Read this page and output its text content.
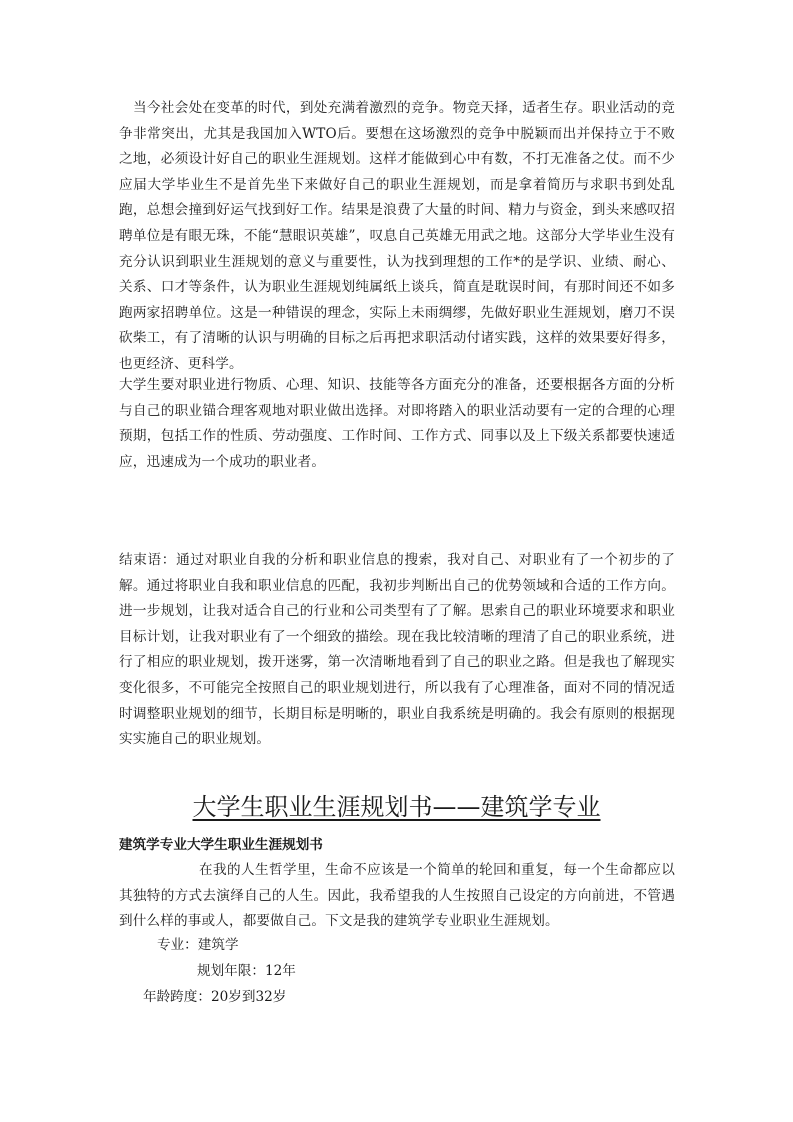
当今社会处在变革的时代，到处充满着激烈的竞争。物竞天择，适者生存。职业活动的竞争非常突出，尤其是我国加入WTO后。要想在这场激烈的竞争中脱颖而出并保持立于不败之地，必须设计好自己的职业生涯规划。这样才能做到心中有数，不打无准备之仗。而不少应届大学毕业生不是首先坐下来做好自己的职业生涯规划，而是拿着简历与求职书到处乱跑，总想会撞到好运气找到好工作。结果是浪费了大量的时间、精力与资金，到头来感叹招聘单位是有眼无珠，不能“慧眼识英雄”，叹息自己英雄无用武之地。这部分大学毕业生没有充分认识到职业生涯规划的意义与重要性，认为找到理想的工作*的是学识、业绩、耐心、关系、口才等条件，认为职业生涯规划纯属纸上谈兵，简直是耽误时间，有那时间还不如多跑两家招聘单位。这是一种错误的理念，实际上未雨绸缪，先做好职业生涯规划，磨刀不误砍柴工，有了清晰的认识与明确的目标之后再把求职活动付诸实践，这样的效果要好得多，也更经济、更科学。

大学生要对职业进行物质、心理、知识、技能等各方面充分的准备，还要根据各方面的分析与自己的职业锚合理客观地对职业做出选择。对即将踏入的职业活动要有一定的合理的心理预期，包括工作的性质、劳动强度、工作时间、工作方式、同事以及上下级关系都要快速适应，迅速成为一个成功的职业者。

结束语：通过对职业自我的分析和职业信息的搜索，我对自己、对职业有了一个初步的了解。通过将职业自我和职业信息的匹配，我初步判断出自己的优势领域和合适的工作方向。进一步规划，让我对适合自己的行业和公司类型有了了解。思索自己的职业环境要求和职业目标计划，让我对职业有了一个细致的描绘。现在我比较清晰的理清了自己的职业系统，进行了相应的职业规划，拨开迷雾，第一次清晰地看到了自己的职业之路。但是我也了解现实变化很多，不可能完全按照自己的职业规划进行，所以我有了心理准备，面对不同的情况适时调整职业规划的细节，长期目标是明晰的，职业自我系统是明确的。我会有原则的根据现实实施自己的职业规划。

大学生职业生涯规划书——建筑学专业

建筑学专业大学生职业生涯规划书

在我的人生哲学里，生命不应该是一个简单的轮回和重复，每一个生命都应以其独特的方式去演绎自己的人生。因此，我希望我的人生按照自己设定的方向前进，不管遇到什么样的事或人，都要做自己。下文是我的建筑学专业职业生涯规划。

专业：建筑学

规划年限：12年

年龄跨度：20岁到32岁
